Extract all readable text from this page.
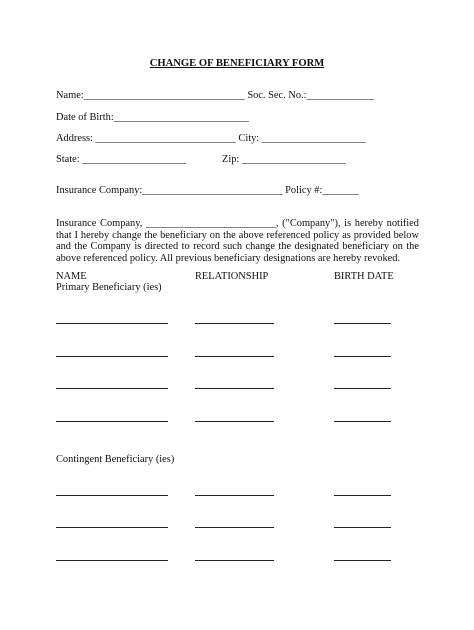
CHANGE OF BENEFICIARY FORM
Name:_______________________________ Soc. Sec. No.:_____________
Date of Birth:__________________________
Address: ___________________________ City: ____________________
State: ____________________	Zip: ____________________
Insurance Company:___________________________ Policy #:_______
Insurance Company, _________________________, ("Company"), is hereby notified that I hereby change the beneficiary on the above referenced policy as provided below and the Company is directed to record such change the designated beneficiary on the above referenced policy. All previous beneficiary designations are hereby revoked.
NAME	RELATIONSHIP	BIRTH DATE
Primary Beneficiary (ies)
Contingent Beneficiary (ies)
